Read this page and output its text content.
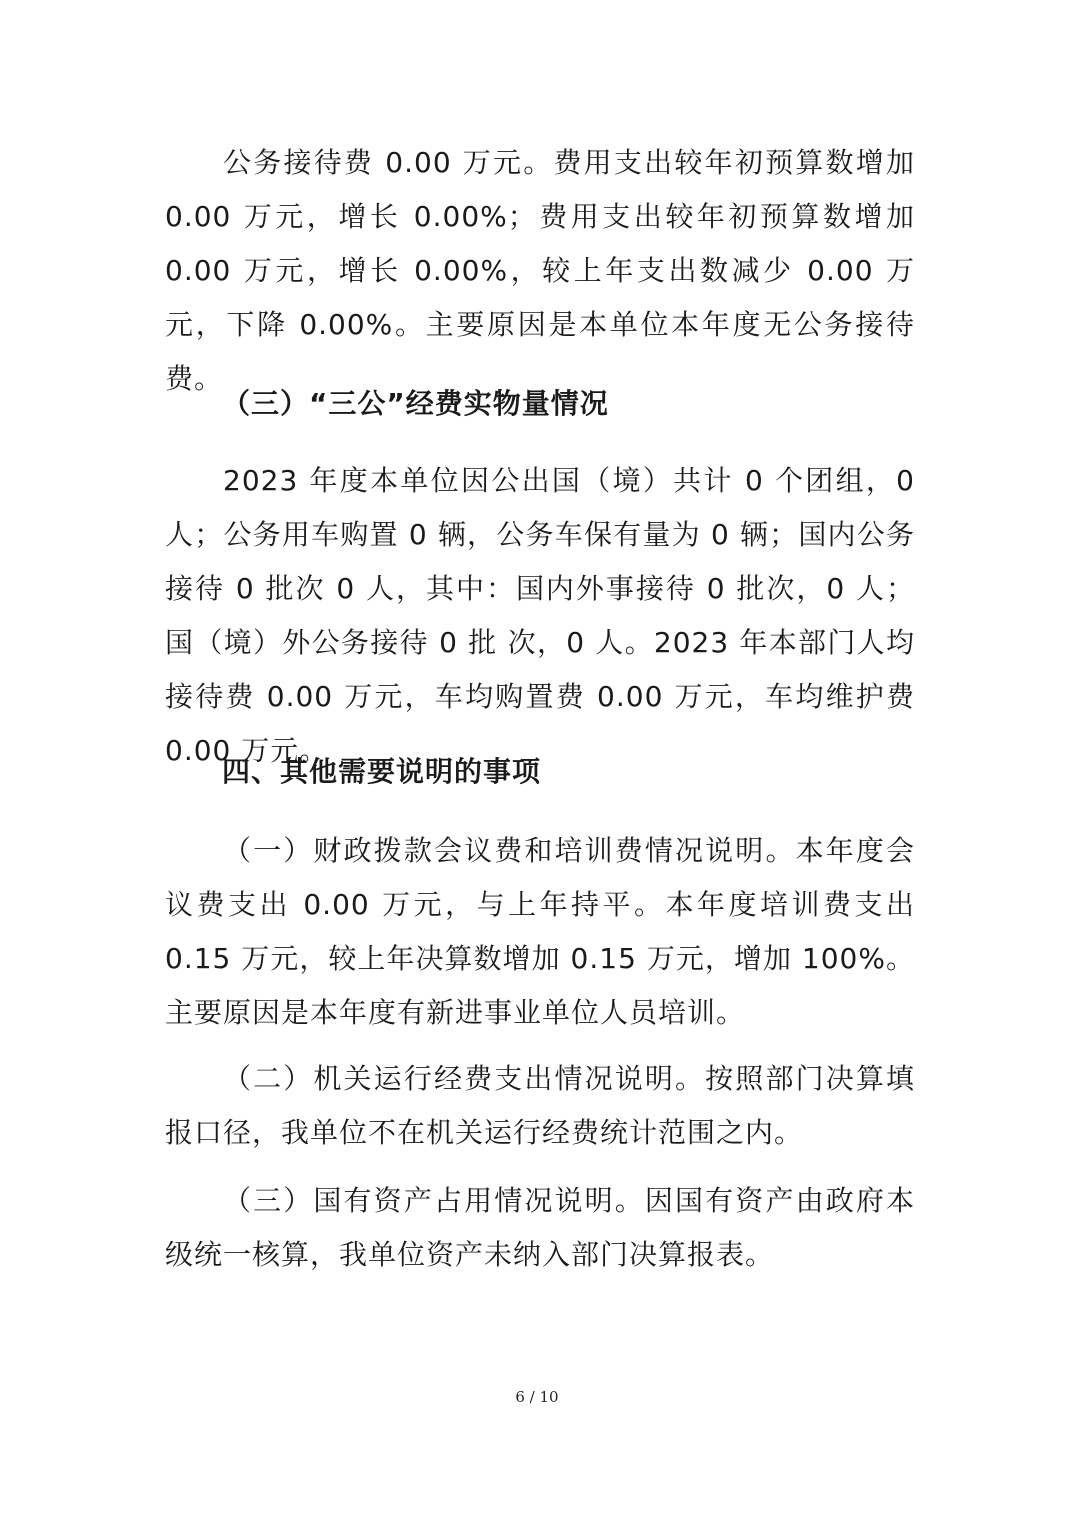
公务接待费 0.00 万元。费用支出较年初预算数增加 0.00 万元，增长 0.00%；费用支出较年初预算数增加 0.00 万元，增长 0.00%，较上年支出数减少 0.00 万元，下降 0.00%。主要原因是本单位本年度无公务接待费。

（三）“三公”经费实物量情况

2023 年度本单位因公出国（境）共计 0 个团组，0 人；公务用车购置 0 辆，公务车保有量为 0 辆；国内公务接待 0 批次 0 人，其中：国内外事接待 0 批次，0 人；国（境）外公务接待 0 批 次，0 人。2023 年本部门人均接待费 0.00 万元，车均购置费 0.00 万元，车均维护费 0.00 万元。

四、其他需要说明的事项

（一）财政拨款会议费和培训费情况说明。本年度会议费支出 0.00 万元，与上年持平。本年度培训费支出 0.15 万元，较上年决算数增加 0.15 万元，增加 100%。主要原因是本年度有新进事业单位人员培训。

（二）机关运行经费支出情况说明。按照部门决算填报口径，我单位不在机关运行经费统计范围之内。

（三）国有资产占用情况说明。因国有资产由政府本级统一核算，我单位资产未纳入部门决算报表。

6 / 10
